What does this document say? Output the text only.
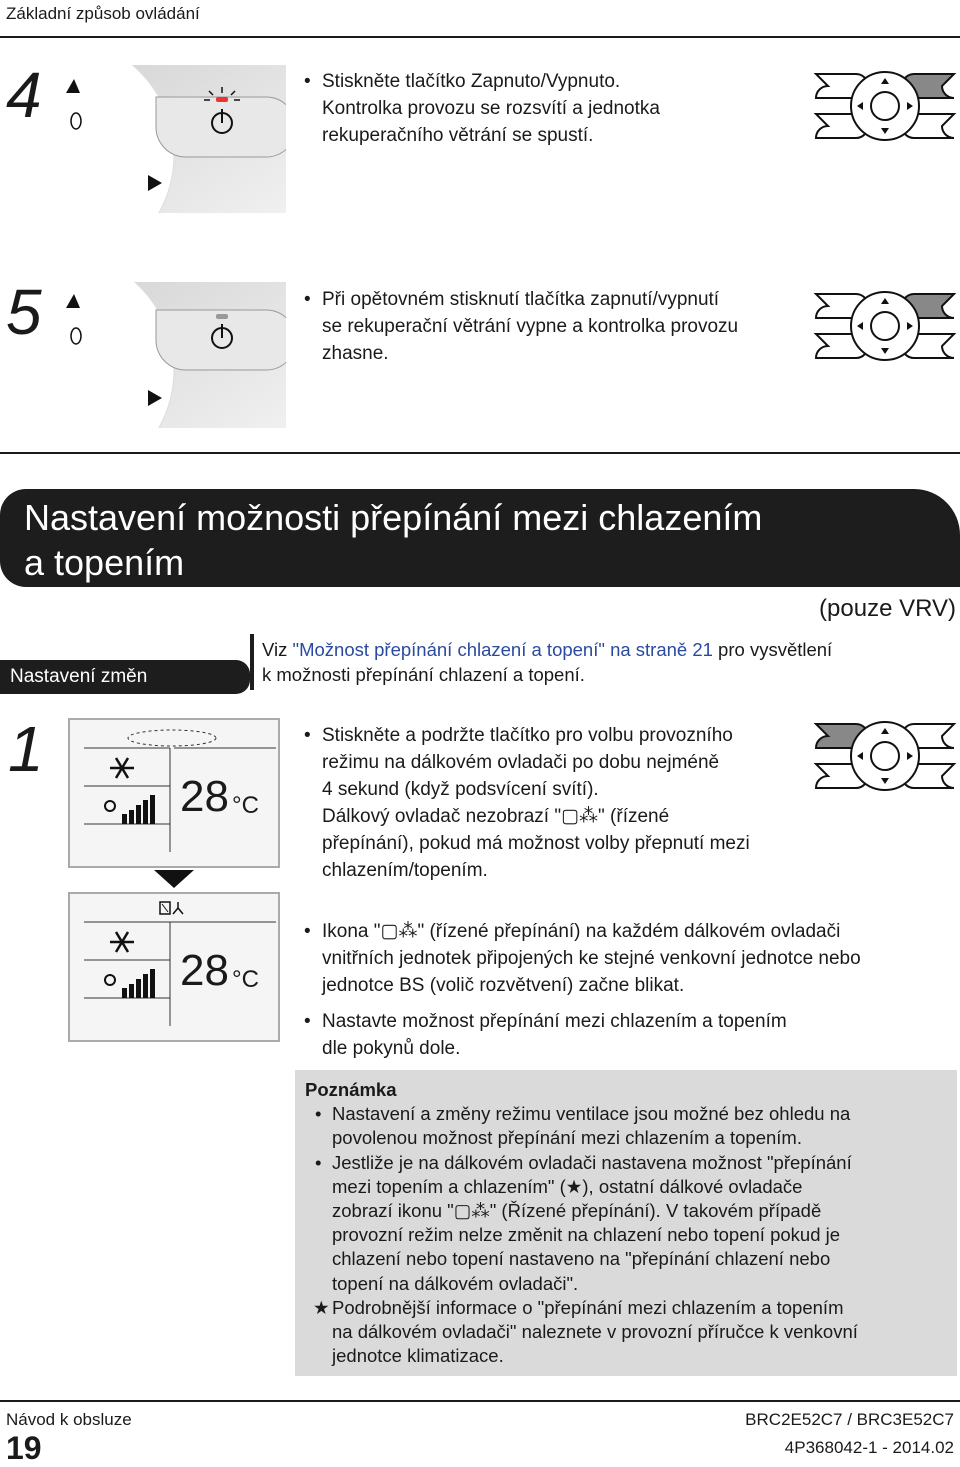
Základní způsob ovládání
4	• Stiskněte tlačítko Zapnuto/Vypnuto.
Kontrolka provozu se rozsvítí a jednotka
rekuperačního větrání se spustí.
5	• Při opětovném stisknutí tlačítka zapnutí/vypnutí
se rekuperační větrání vypne a kontrolka provozu
zhasne.
Nastavení možnosti přepínání mezi chlazením
a topením
(pouze VRV)
Nastavení změn
Viz "Možnost přepínání chlazení a topení" na straně 21 pro vysvětlení
k možnosti přepínání chlazení a topení.
1
28 °C
• Stiskněte a podržte tlačítko pro volbu provozního
režimu na dálkovém ovladači po dobu nejméně
4 sekund (když podsvícení svítí).
Dálkový ovladač nezobrazí "▢⁂" (řízené
přepínání), pokud má možnost volby přepnutí mezi
chlazením/topením.
28 °C
• Ikona "▢⁂" (řízené přepínání) na každém dálkovém ovladači
vnitřních jednotek připojených ke stejné venkovní jednotce nebo
jednotce BS (volič rozvětvení) začne blikat.
• Nastavte možnost přepínání mezi chlazením a topením
dle pokynů dole.
Poznámka
• Nastavení a změny režimu ventilace jsou možné bez ohledu na
povolenou možnost přepínání mezi chlazením a topením.
• Jestliže je na dálkovém ovladači nastavena možnost "přepínání
mezi topením a chlazením" (★), ostatní dálkové ovladače
zobrazí ikonu "▢⁂" (Řízené přepínání). V takovém případě
provozní režim nelze změnit na chlazení nebo topení pokud je
chlazení nebo topení nastaveno na "přepínání chlazení nebo
topení na dálkovém ovladači".
★ Podrobnější informace o "přepínání mezi chlazením a topením
na dálkovém ovladači" naleznete v provozní příručce k venkovní
jednotce klimatizace.
Návod k obsluze
19
BRC2E52C7 / BRC3E52C7
4P368042-1 - 2014.02
